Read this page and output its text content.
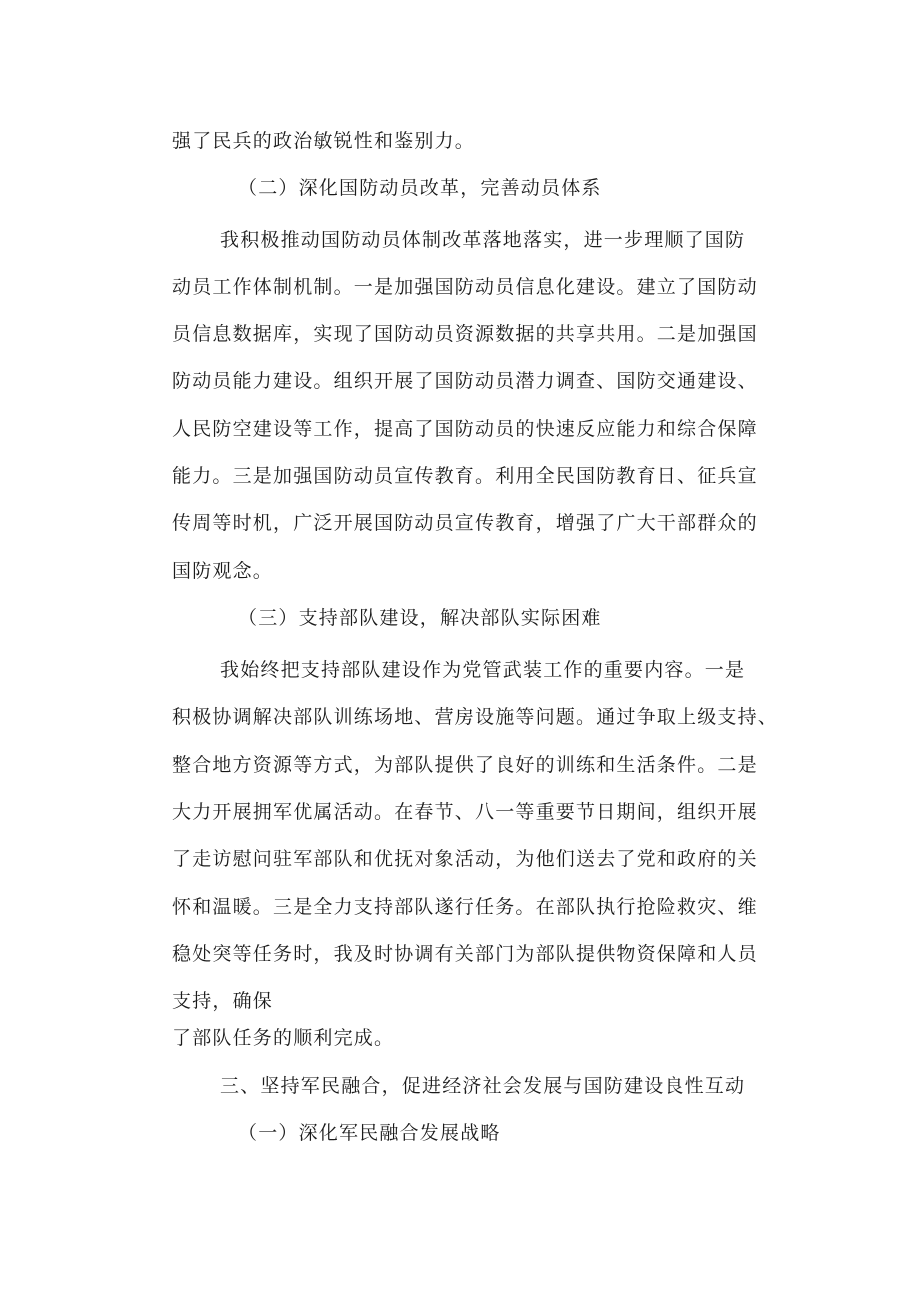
强了民兵的政治敏锐性和鉴别力。
（二）深化国防动员改革，完善动员体系
我积极推动国防动员体制改革落地落实，进一步理顺了国防
动员工作体制机制。一是加强国防动员信息化建设。建立了国防动
员信息数据库，实现了国防动员资源数据的共享共用。二是加强国
防动员能力建设。组织开展了国防动员潜力调查、国防交通建设、
人民防空建设等工作，提高了国防动员的快速反应能力和综合保障
能力。三是加强国防动员宣传教育。利用全民国防教育日、征兵宣
传周等时机，广泛开展国防动员宣传教育，增强了广大干部群众的
国防观念。
（三）支持部队建设，解决部队实际困难
我始终把支持部队建设作为党管武装工作的重要内容。一是
积极协调解决部队训练场地、营房设施等问题。通过争取上级支持、
整合地方资源等方式，为部队提供了良好的训练和生活条件。二是
大力开展拥军优属活动。在春节、八一等重要节日期间，组织开展
了走访慰问驻军部队和优抚对象活动，为他们送去了党和政府的关
怀和温暖。三是全力支持部队遂行任务。在部队执行抢险救灾、维
稳处突等任务时，我及时协调有关部门为部队提供物资保障和人员
支持，确保
了部队任务的顺利完成。
三、坚持军民融合，促进经济社会发展与国防建设良性互动
（一）深化军民融合发展战略
